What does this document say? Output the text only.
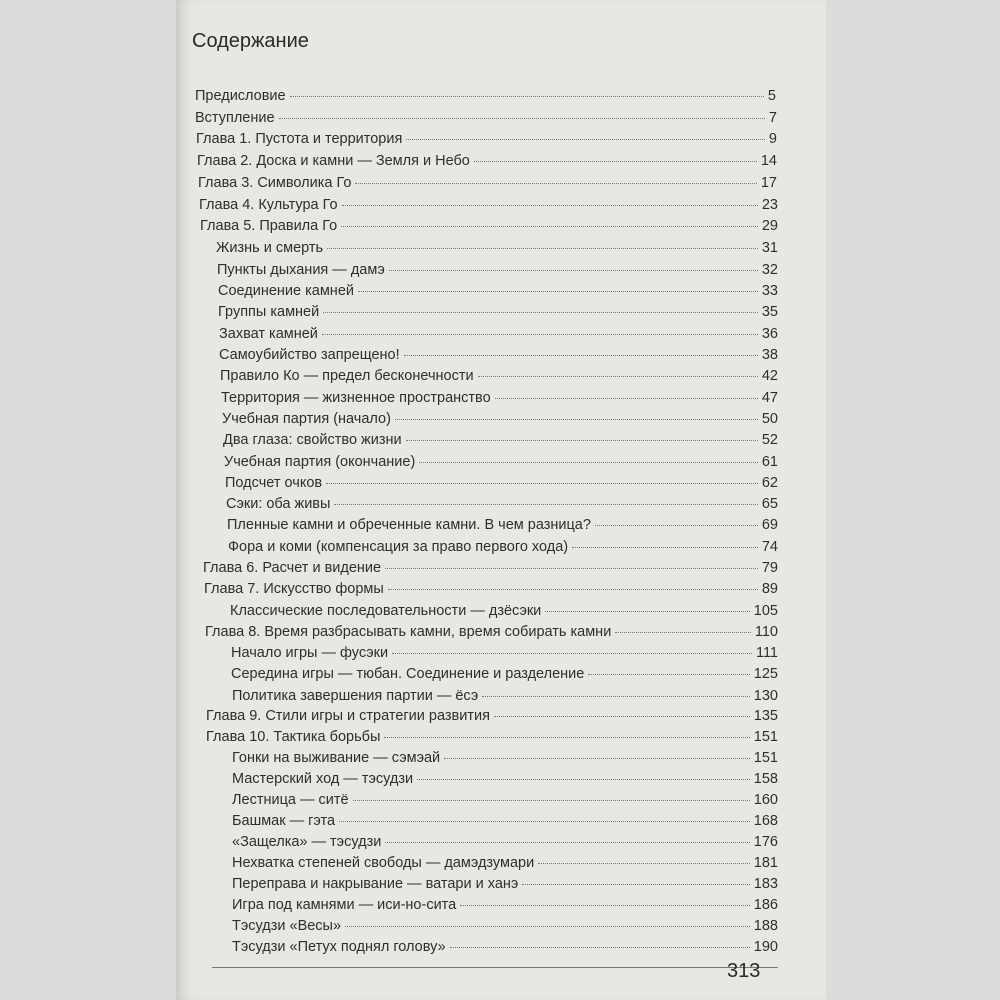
Содержание
Предисловие	5
Вступление	7
Глава 1. Пустота и территория	9
Глава 2. Доска и камни — Земля и Небо	14
Глава 3. Символика Го	17
Глава 4. Культура Го	23
Глава 5. Правила Го	29
Жизнь и смерть	31
Пункты дыхания — дамэ	32
Соединение камней	33
Группы камней	35
Захват камней	36
Самоубийство запрещено!	38
Правило Ко — предел бесконечности	42
Территория — жизненное пространство	47
Учебная партия (начало)	50
Два глаза: свойство жизни	52
Учебная партия (окончание)	61
Подсчет очков	62
Сэки: оба живы	65
Пленные камни и обреченные камни. В чем разница?	69
Фора и коми (компенсация за право первого хода)	74
Глава 6. Расчет и видение	79
Глава 7. Искусство формы	89
Классические последовательности — дзёсэки	105
Глава 8. Время разбрасывать камни, время собирать камни	110
Начало игры — фусэки	111
Середина игры — тюбан. Соединение и разделение	125
Политика завершения партии — ёсэ	130
Глава 9. Стили игры и стратегии развития	135
Глава 10. Тактика борьбы	151
Гонки на выживание — сэмэай	151
Мастерский ход — тэсудзи	158
Лестница — ситё	160
Башмак — гэта	168
«Защелка» — тэсудзи	176
Нехватка степеней свободы — дамэдзумари	181
Переправа и накрывание — ватари и ханэ	183
Игра под камнями — иси-но-сита	186
Тэсудзи «Весы»	188
Тэсудзи «Петух поднял голову»	190
313
